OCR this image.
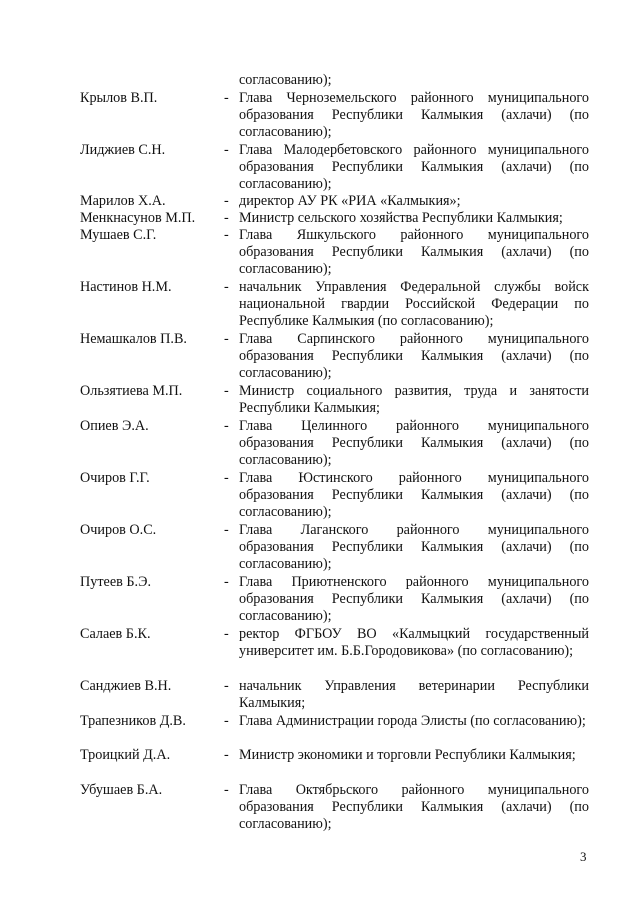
согласованию);
Крылов В.П.	- Глава Черноземельского районного муниципального образования Республики Калмыкия (ахлачи) (по согласованию);
Лиджиев С.Н.	- Глава Малодербетовского районного муниципального образования Республики Калмыкия (ахлачи) (по согласованию);
Марилов Х.А.	- директор АУ РК «РИА «Калмыкия»;
Менкнасунов М.П. - Министр сельского хозяйства Республики Калмыкия;
Мушаев С.Г.	- Глава Яшкульского районного муниципального образования Республики Калмыкия (ахлачи) (по согласованию);
Настинов Н.М.	- начальник Управления Федеральной службы войск национальной гвардии Российской Федерации по Республике Калмыкия (по согласованию);
Немашкалов П.В.	- Глава Сарпинского районного муниципального образования Республики Калмыкия (ахлачи) (по согласованию);
Ользятиева М.П.	- Министр социального развития, труда и занятости Республики Калмыкия;
Опиев Э.А.	- Глава Целинного районного муниципального образования Республики Калмыкия (ахлачи) (по согласованию);
Очиров Г.Г.	- Глава Юстинского районного муниципального образования Республики Калмыкия (ахлачи) (по согласованию);
Очиров О.С.	- Глава Лаганского районного муниципального образования Республики Калмыкия (ахлачи) (по согласованию);
Путеев Б.Э.	- Глава Приютненского районного муниципального образования Республики Калмыкия (ахлачи) (по согласованию);
Салаев Б.К.	- ректор ФГБОУ ВО «Калмыцкий государственный университет им. Б.Б.Городовикова» (по согласованию);
Санджиев В.Н.	- начальник Управления ветеринарии Республики Калмыкия;
Трапезников Д.В.	- Глава Администрации города Элисты (по согласованию);
Троицкий Д.А.	- Министр экономики и торговли Республики Калмыкия;
Убушаев Б.А.	- Глава Октябрьского районного муниципального образования Республики Калмыкия (ахлачи) (по согласованию);
3
